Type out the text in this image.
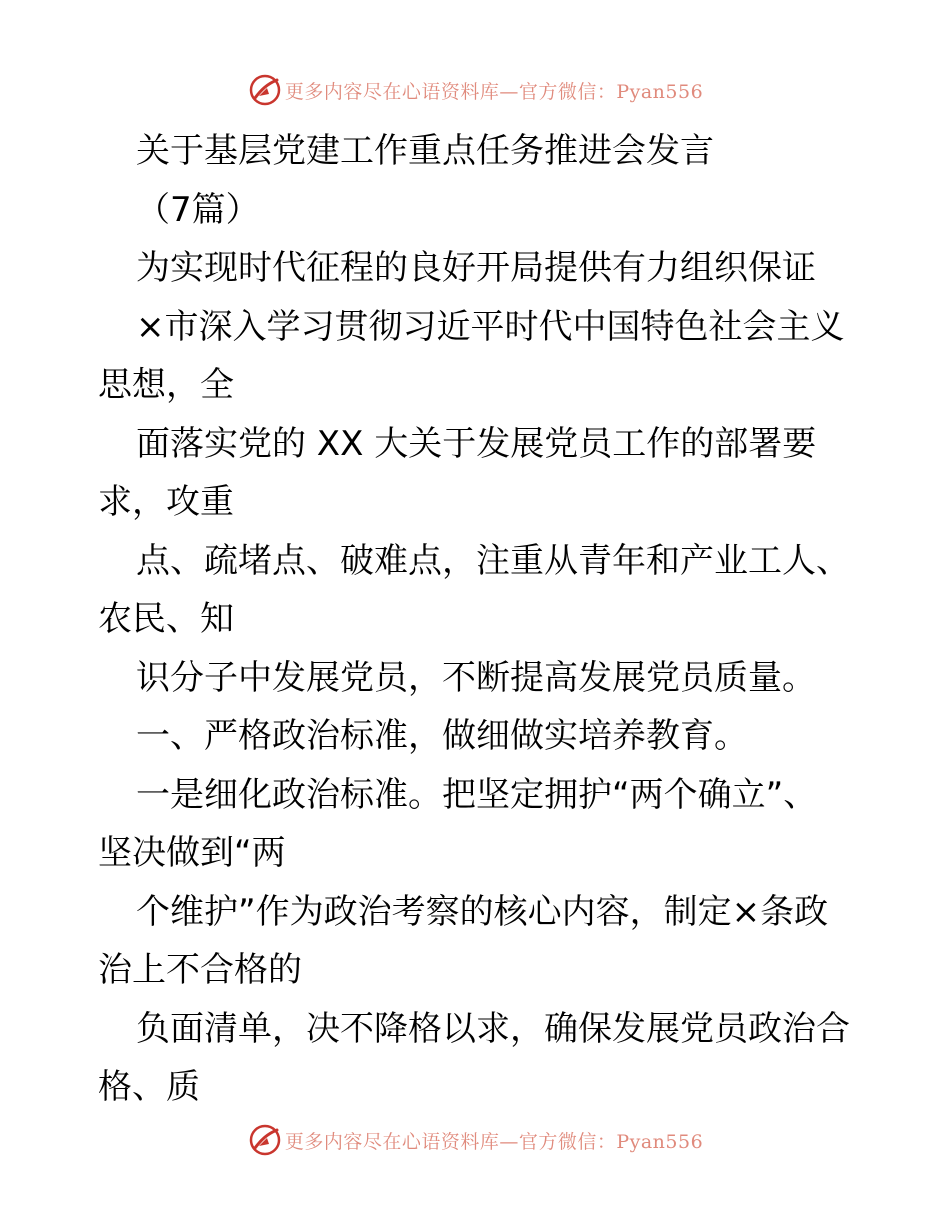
更多内容尽在心语资料库—官方微信：Pyan556
关于基层党建工作重点任务推进会发言
（7篇）
为实现时代征程的良好开局提供有力组织保证
×市深入学习贯彻习近平时代中国特色社会主义
思想，全
面落实党的 XX 大关于发展党员工作的部署要
求，攻重
点、疏堵点、破难点，注重从青年和产业工人、
农民、知
识分子中发展党员，不断提高发展党员质量。
一、严格政治标准，做细做实培养教育。
一是细化政治标准。把坚定拥护“两个确立”、
坚决做到“两
个维护”作为政治考察的核心内容，制定×条政
治上不合格的
负面清单，决不降格以求，确保发展党员政治合
格、质
更多内容尽在心语资料库—官方微信：Pyan556
